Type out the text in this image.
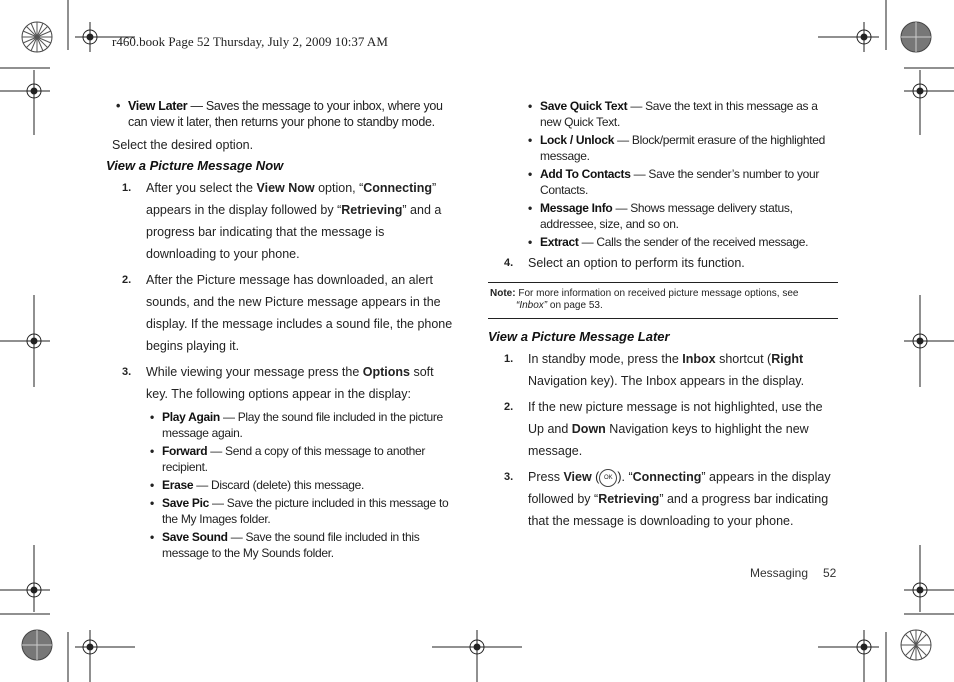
r460.book Page 52 Thursday, July 2, 2009 10:37 AM
• View Later — Saves the message to your inbox, where you can view it later, then returns your phone to standby mode.
Select the desired option.
View a Picture Message Now
1. After you select the View Now option, “Connecting” appears in the display followed by “Retrieving” and a progress bar indicating that the message is downloading to your phone.
2. After the Picture message has downloaded, an alert sounds, and the new Picture message appears in the display. If the message includes a sound file, the phone begins playing it.
3. While viewing your message press the Options soft key. The following options appear in the display:
• Play Again — Play the sound file included in the picture message again.
• Forward — Send a copy of this message to another recipient.
• Erase — Discard (delete) this message.
• Save Pic — Save the picture included in this message to the My Images folder.
• Save Sound — Save the sound file included in this message to the My Sounds folder.
• Save Quick Text — Save the text in this message as a new Quick Text.
• Lock / Unlock — Block/permit erasure of the highlighted message.
• Add To Contacts — Save the sender’s number to your Contacts.
• Message Info — Shows message delivery status, addressee, size, and so on.
• Extract — Calls the sender of the received message.
4. Select an option to perform its function.
Note: For more information on received picture message options, see
“Inbox” on page 53.
View a Picture Message Later
1. In standby mode, press the Inbox shortcut (Right Navigation key). The Inbox appears in the display.
2. If the new picture message is not highlighted, use the Up and Down Navigation keys to highlight the new message.
3. Press View ( OK ). “Connecting” appears in the display followed by “Retrieving” and a progress bar indicating that the message is downloading to your phone.
Messaging 52
